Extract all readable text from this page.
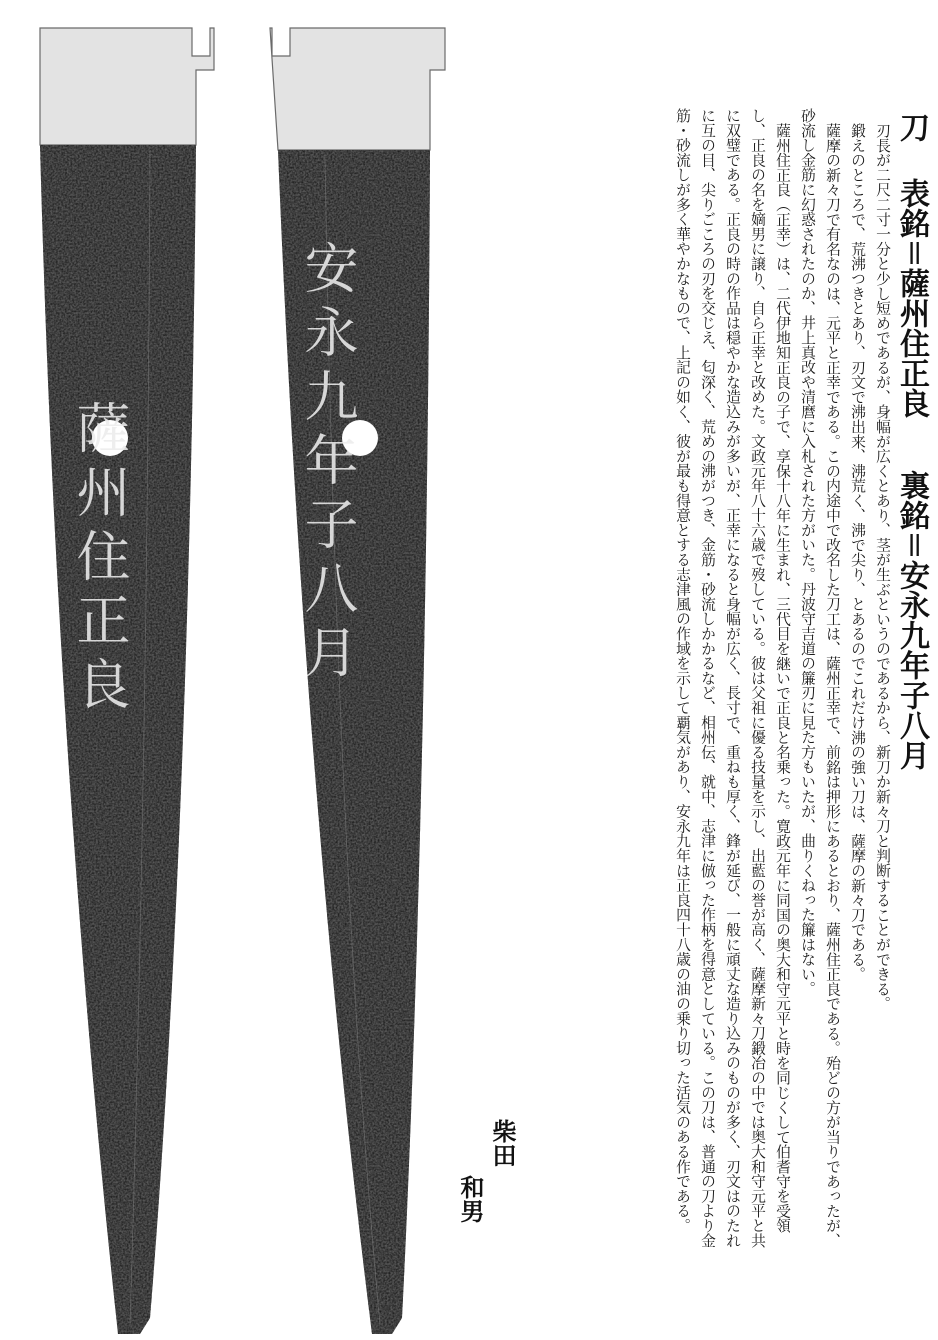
薩州住正良	安永九年子八月
刀
表銘＝薩州住正良
裏銘＝安永九年子八月

刃長が二尺二寸一分と少し短めであるが、身幅が広くとあり、茎が生ぶというのであるから、新刀か新々刀と判断することができる。

鍛えのところで、荒沸つきとあり、刃文で沸出来、沸荒く、沸で尖り、とあるのでこれだけ沸の強い刀は、薩摩の新々刀である。

薩摩の新々刀で有名なのは、元平と正幸である。この内途中で改名した刀工は、薩州正幸で、前銘は押形にあるとおり、薩州住正良である。殆どの方が当りであったが、砂流し金筋に幻惑されたのか、井上真改や清麿に入札された方がいた。丹波守吉道の簾刃に見た方もいたが、曲りくねった簾はない。

薩州住正良（正幸）は、二代伊地知正良の子で、享保十八年に生まれ、三代目を継いで正良と名乗った。寛政元年に同国の奥大和守元平と時を同じくして伯耆守を受領し、正良の名を嫡男に譲り、自ら正幸と改めた。文政元年八十六歳で歿している。彼は父祖に優る技量を示し、出藍の誉が高く、薩摩新々刀鍛冶の中では奥大和守元平と共に双璧である。正良の時の作品は穏やかな造込みが多いが、正幸になると身幅が広く、長寸で、重ねも厚く、鋒が延び、一般に頑丈な造り込みのものが多く、刃文はのたれに互の目、尖りごころの刃を交じえ、匂深く、荒めの沸がつき、金筋・砂流しかかるなど、相州伝、就中、志津に倣った作柄を得意としている。この刀は、普通の刀より金筋・砂流しが多く華やかなもので、上記の如く、彼が最も得意とする志津風の作域を示して覇気があり、安永九年は正良四十八歳の油の乗り切った活気のある作である。

柴田
和男
